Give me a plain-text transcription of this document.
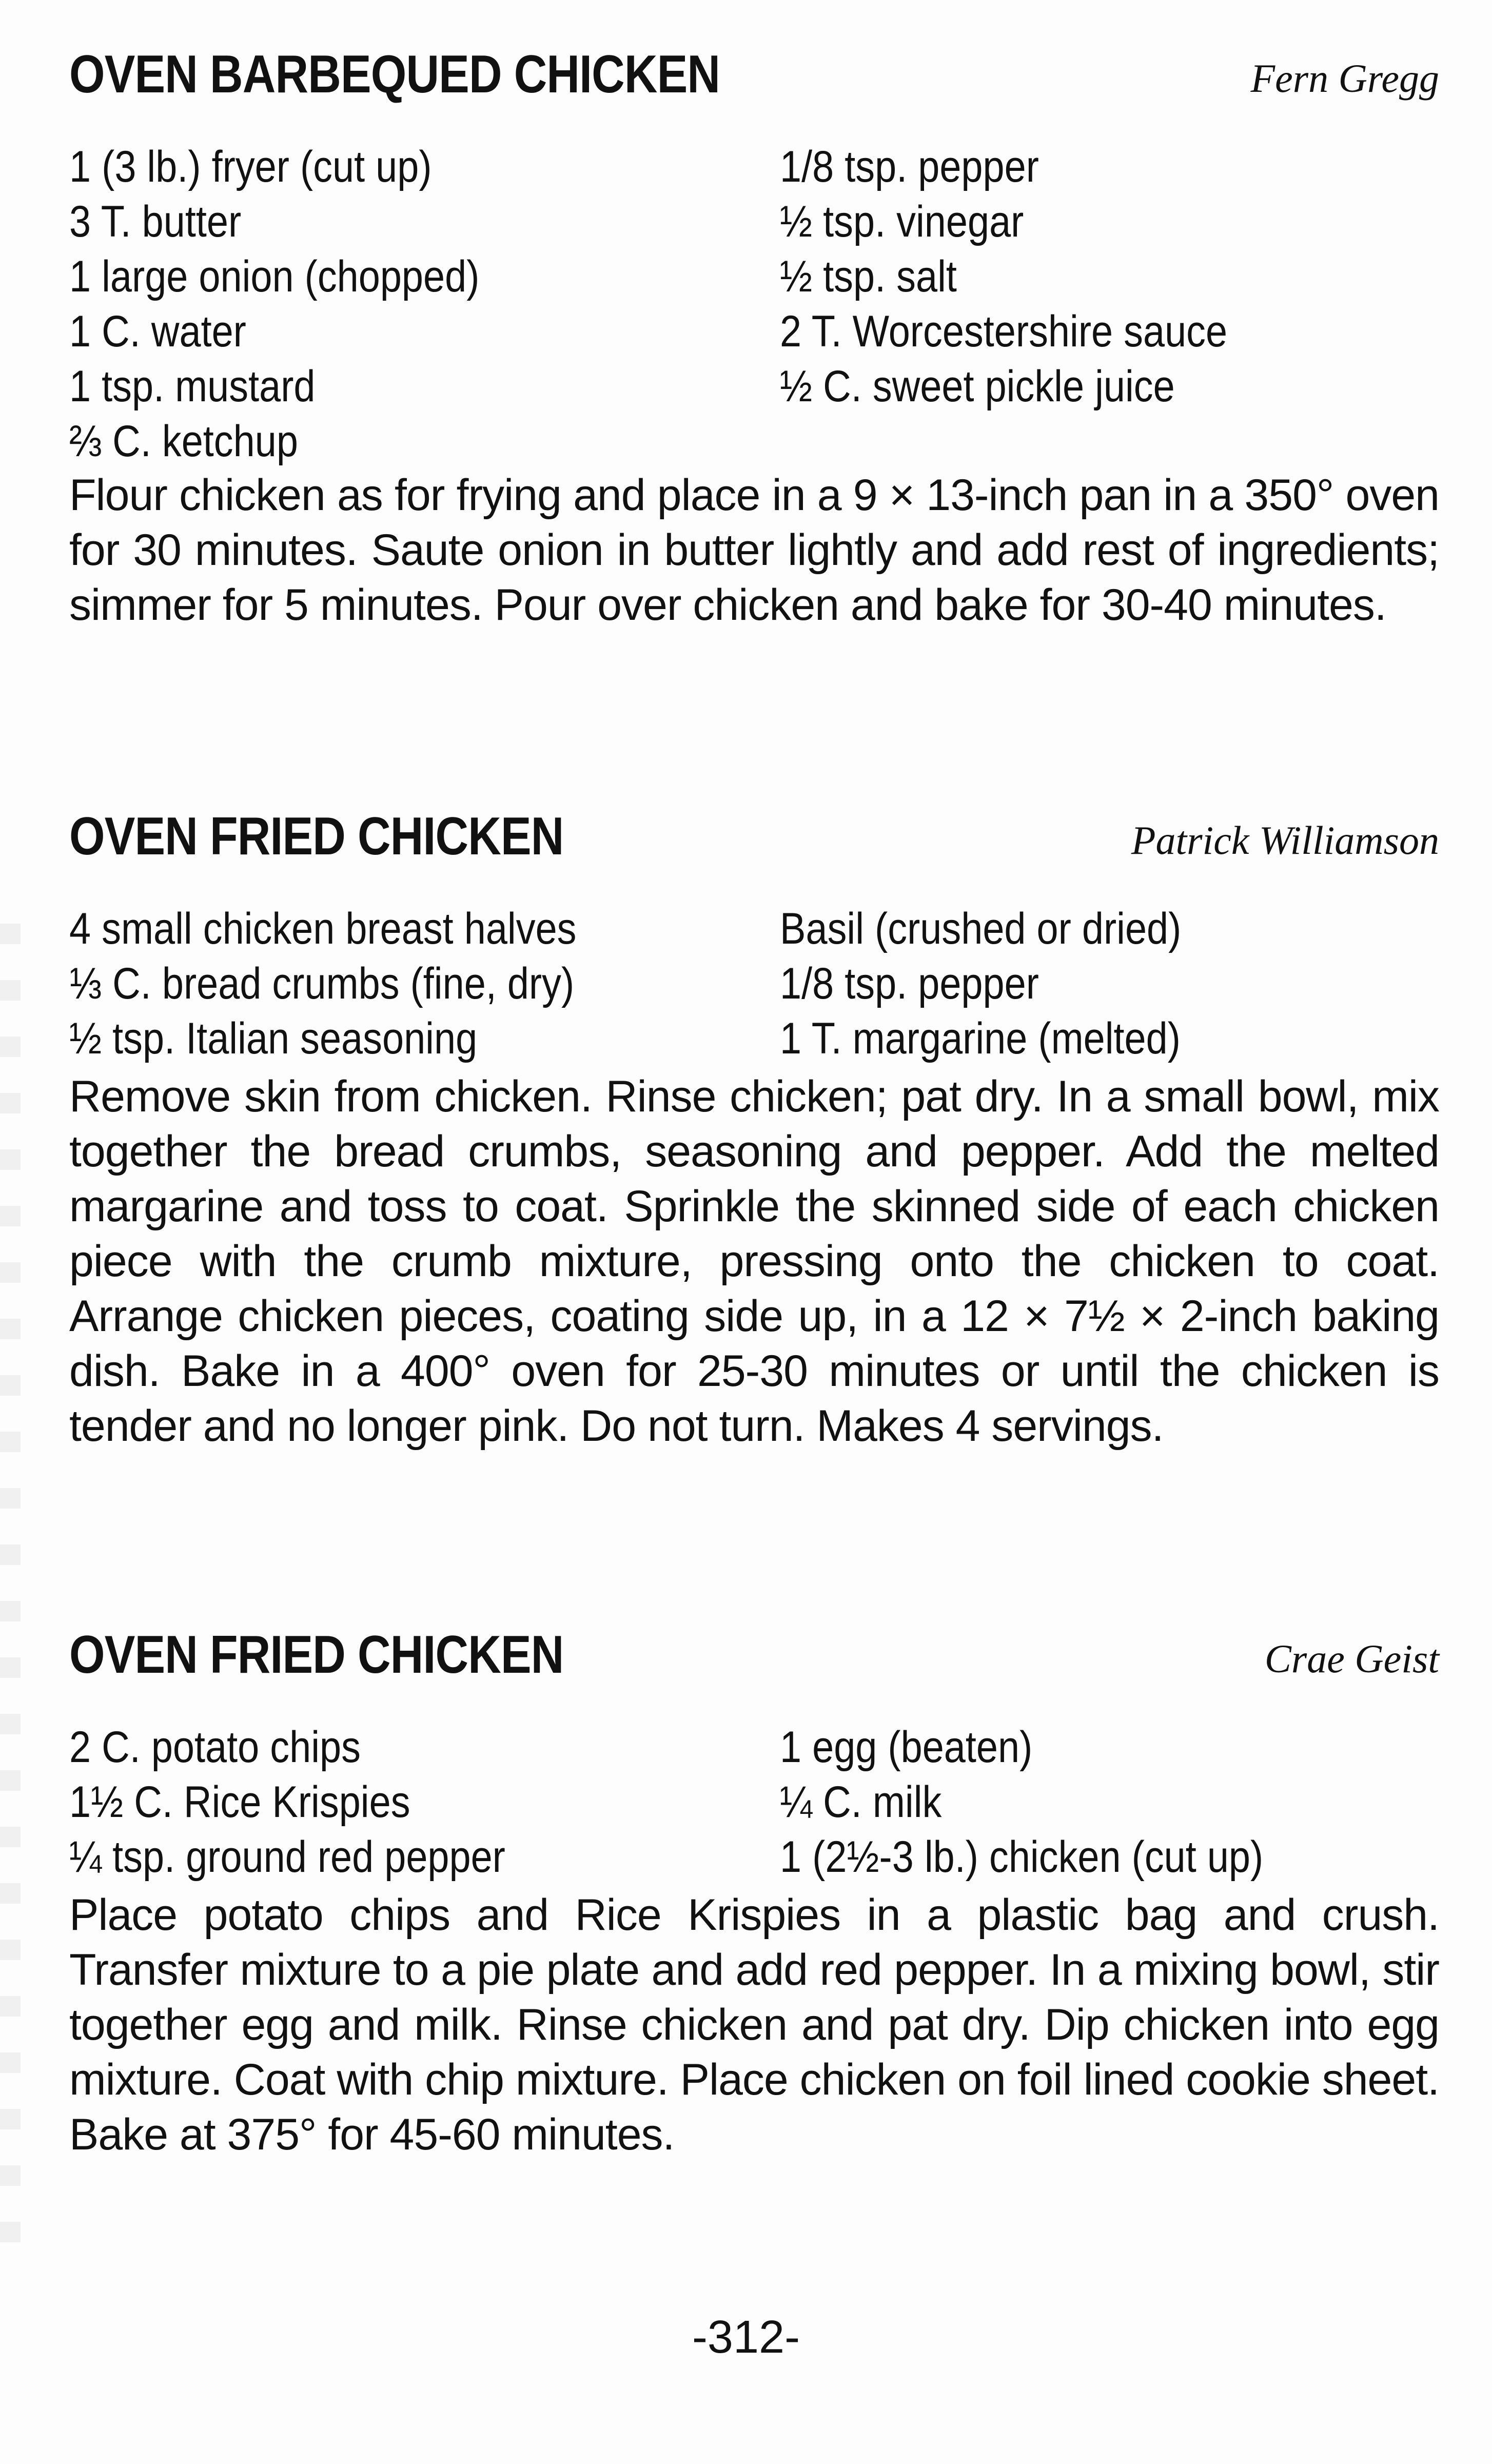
OVEN BARBEQUED CHICKEN	Fern Gregg
1 (3 lb.) fryer (cut up)
3 T. butter
1 large onion (chopped)
1 C. water
1 tsp. mustard
⅔ C. ketchup
1/8 tsp. pepper
½ tsp. vinegar
½ tsp. salt
2 T. Worcestershire sauce
½ C. sweet pickle juice
Flour chicken as for frying and place in a 9 × 13-inch pan in a 350° oven for 30 minutes. Saute onion in butter lightly and add rest of ingredients; simmer for 5 minutes. Pour over chicken and bake for 30-40 minutes.
OVEN FRIED CHICKEN	Patrick Williamson
4 small chicken breast halves
⅓ C. bread crumbs (fine, dry)
½ tsp. Italian seasoning
Basil (crushed or dried)
1/8 tsp. pepper
1 T. margarine (melted)
Remove skin from chicken. Rinse chicken; pat dry. In a small bowl, mix together the bread crumbs, seasoning and pepper. Add the melted margarine and toss to coat. Sprinkle the skinned side of each chicken piece with the crumb mixture, pressing onto the chicken to coat. Arrange chicken pieces, coating side up, in a 12 × 7½ × 2-inch baking dish. Bake in a 400° oven for 25-30 minutes or until the chicken is tender and no longer pink. Do not turn. Makes 4 servings.
OVEN FRIED CHICKEN	Crae Geist
2 C. potato chips
1½ C. Rice Krispies
¼ tsp. ground red pepper
1 egg (beaten)
¼ C. milk
1 (2½-3 lb.) chicken (cut up)
Place potato chips and Rice Krispies in a plastic bag and crush. Transfer mixture to a pie plate and add red pepper. In a mixing bowl, stir together egg and milk. Rinse chicken and pat dry. Dip chicken into egg mixture. Coat with chip mixture. Place chicken on foil lined cookie sheet. Bake at 375° for 45-60 minutes.
-312-
